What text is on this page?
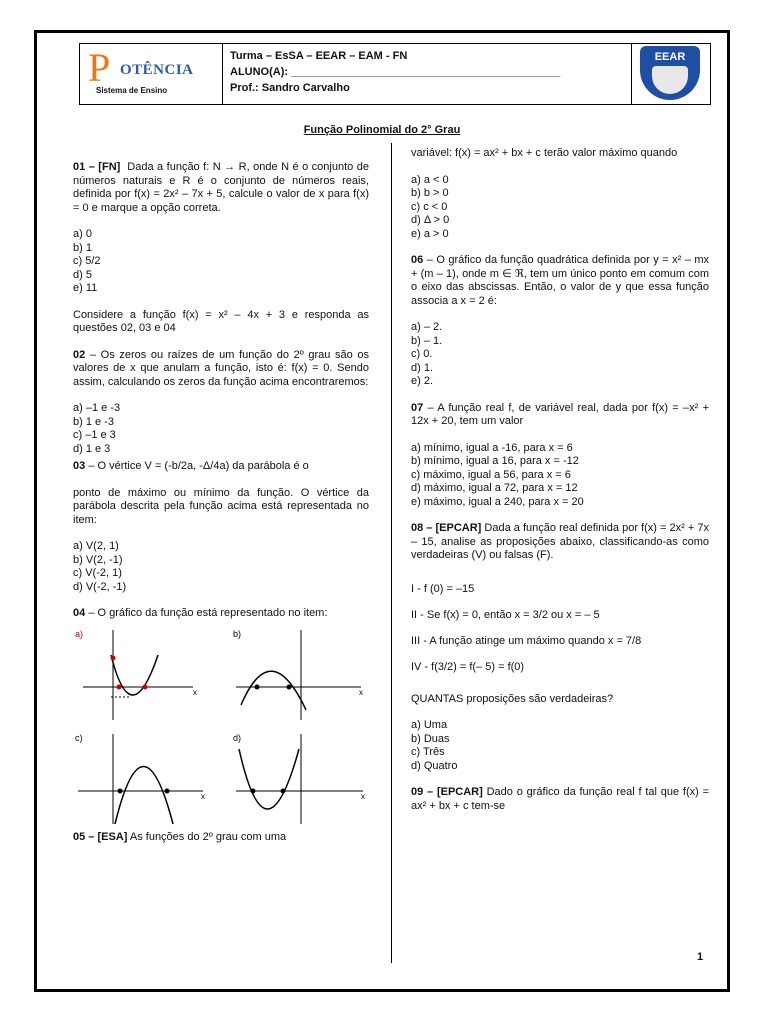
P OTÊNCIA
Sistema de Ensino
Turma – EsSA – EEAR – EAM - FN
ALUNO(A): ____________________________________________
Prof.: Sandro Carvalho
EEAR
Função Polinomial do 2° Grau

01 – [FN] Dada a função f: N → R, onde N é o conjunto de números naturais e R é o conjunto de números reais, definida por f(x) = 2x² – 7x + 5, calcule o valor de x para f(x) = 0 e marque a opção correta.

a) 0
b) 1
c) 5/2
d) 5
e) 11

Considere a função f(x) = x² – 4x + 3 e responda as questões 02, 03 e 04

02 – Os zeros ou raízes de um função do 2º grau são os valores de x que anulam a função, isto é: f(x) = 0. Sendo assim, calculando os zeros da função acima encontraremos:

a) –1 e -3
b) 1 e -3
c) –1 e 3
d) 1 e 3

03 – O vértice V = (-b/2a, -Δ/4a) da parábola é o

ponto de máximo ou mínimo da função. O vértice da parábola descrita pela função acima está representada no item:

a) V(2, 1)
b) V(2, -1)
c) V(-2, 1)
d) V(-2, -1)

04 – O gráfico da função está representado no item:

a)
x
b)
x
c)
x
d)
x

05 – [ESA] As funções do 2º grau com uma

variável: f(x) = ax² + bx + c terão valor máximo quando

a) a < 0
b) b > 0
c) c < 0
d) Δ > 0
e) a > 0

06 – O gráfico da função quadrática definida por y = x² – mx + (m – 1), onde m ∈ ℜ, tem um único ponto em comum com o eixo das abscissas. Então, o valor de y que essa função associa a x = 2 é:

a) – 2.
b) – 1.
c) 0.
d) 1.
e) 2.

07 – A função real f, de variável real, dada por f(x) = –x² + 12x + 20, tem um valor

a) mínimo, igual a -16, para x = 6
b) mínimo, igual a 16, para x = -12
c) máximo, igual a 56, para x = 6
d) máximo, igual a 72, para x = 12
e) máximo, igual a 240, para x = 20

08 – [EPCAR] Dada a função real definida por f(x) = 2x² + 7x – 15, analise as proposições abaixo, classificando-as como verdadeiras (V) ou falsas (F).

I - f (0) = –15
II - Se f(x) = 0, então x = 3/2 ou x = – 5
III - A função atinge um máximo quando x = 7/8
IV - f(3/2) = f(– 5) = f(0)

QUANTAS proposições são verdadeiras?

a) Uma
b) Duas
c) Três
d) Quatro

09 – [EPCAR] Dado o gráfico da função real f tal que f(x) = ax² + bx + c tem-se

1
